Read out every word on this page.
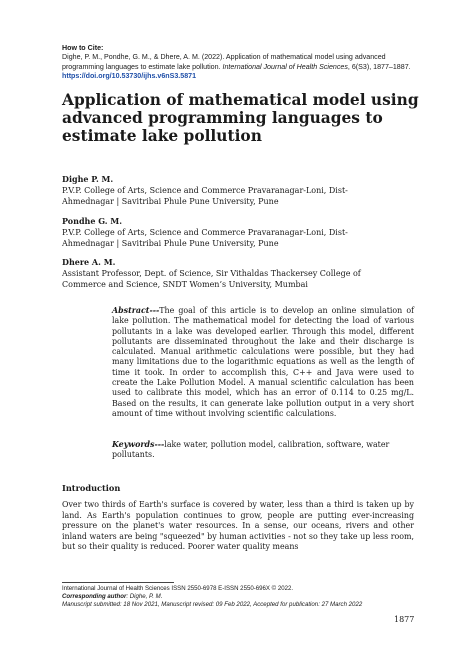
How to Cite:
Dighe, P. M., Pondhe, G. M., & Dhere, A. M. (2022). Application of mathematical model using advanced programming languages to estimate lake pollution. International Journal of Health Sciences, 6(S3), 1877–1887. https://doi.org/10.53730/ijhs.v6nS3.5871
Application of mathematical model using advanced programming languages to estimate lake pollution
Dighe P. M.
P.V.P. College of Arts, Science and Commerce Pravaranagar-Loni, Dist-
Ahmednagar | Savitribai Phule Pune University, Pune
Pondhe G. M.
P.V.P. College of Arts, Science and Commerce Pravaranagar-Loni, Dist-
Ahmednagar | Savitribai Phule Pune University, Pune
Dhere A. M.
Assistant Professor, Dept. of Science, Sir Vithaldas Thackersey College of
Commerce and Science, SNDT Women’s University, Mumbai
Abstract---The goal of this article is to develop an online simulation of lake pollution. The mathematical model for detecting the load of various pollutants in a lake was developed earlier. Through this model, different pollutants are disseminated throughout the lake and their discharge is calculated. Manual arithmetic calculations were possible, but they had many limitations due to the logarithmic equations as well as the length of time it took. In order to accomplish this, C++ and Java were used to create the Lake Pollution Model. A manual scientific calculation has been used to calibrate this model, which has an error of 0.114 to 0.25 mg/L. Based on the results, it can generate lake pollution output in a very short amount of time without involving scientific calculations.
Keywords---lake water, pollution model, calibration, software, water pollutants.
Introduction
Over two thirds of Earth's surface is covered by water, less than a third is taken up by land. As Earth's population continues to grow, people are putting ever-increasing pressure on the planet's water resources. In a sense, our oceans, rivers and other inland waters are being "squeezed" by human activities - not so they take up less room, but so their quality is reduced. Poorer water quality means
International Journal of Health Sciences ISSN 2550-6978 E-ISSN 2550-696X © 2022.
Corresponding author: Dighe, P. M.
Manuscript submitted: 18 Nov 2021, Manuscript revised: 09 Feb 2022, Accepted for publication: 27 March 2022
1877
